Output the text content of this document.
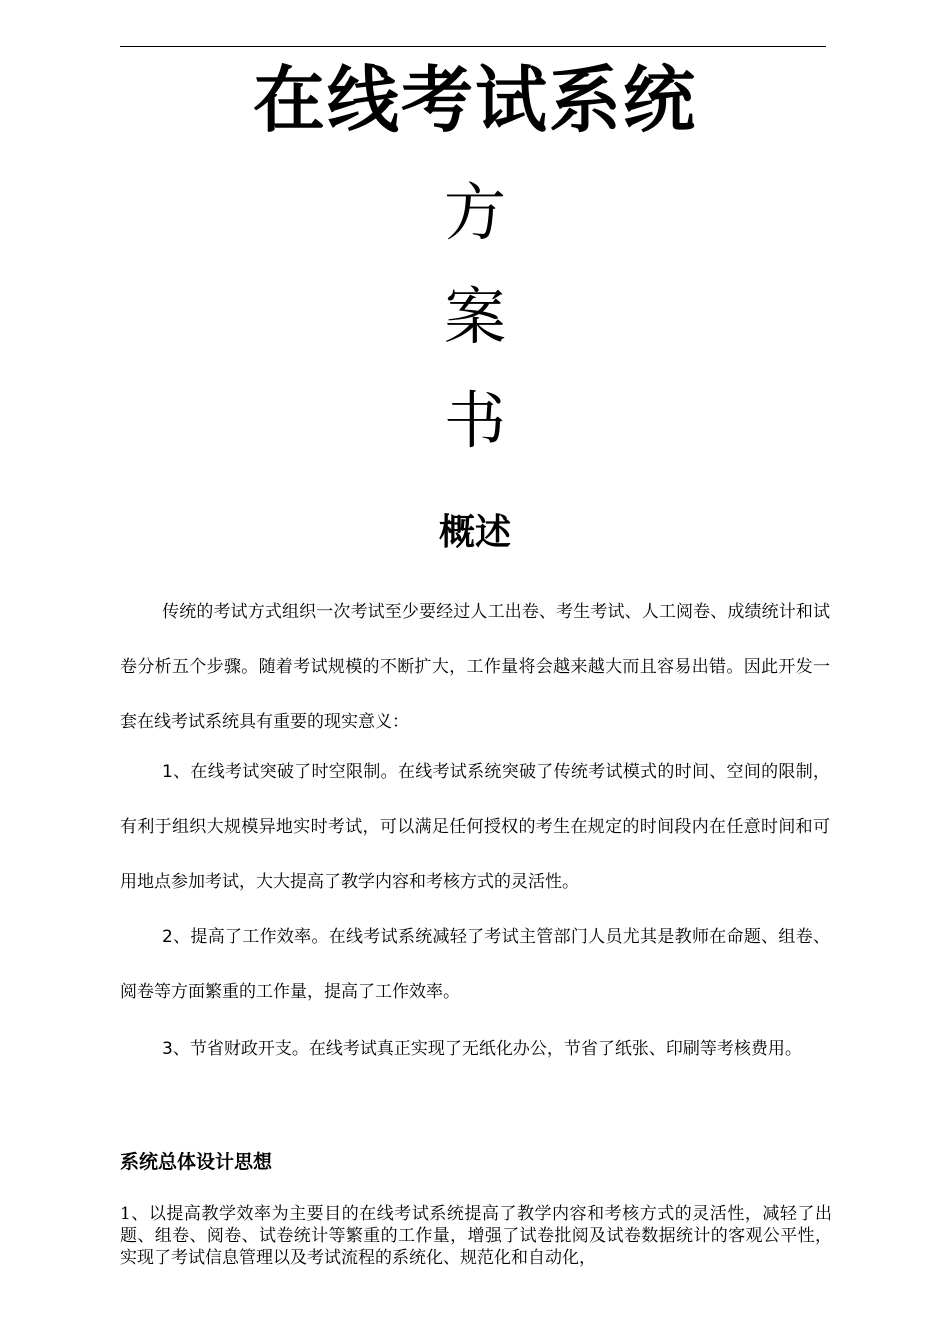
在线考试系统
方
案
书
概述

传统的考试方式组织一次考试至少要经过人工出卷、考生考试、人工阅卷、成绩统计和试卷分析五个步骤。随着考试规模的不断扩大，工作量将会越来越大而且容易出错。因此开发一套在线考试系统具有重要的现实意义：

1、在线考试突破了时空限制。在线考试系统突破了传统考试模式的时间、空间的限制，有利于组织大规模异地实时考试，可以满足任何授权的考生在规定的时间段内在任意时间和可用地点参加考试，大大提高了教学内容和考核方式的灵活性。

2、提高了工作效率。在线考试系统减轻了考试主管部门人员尤其是教师在命题、组卷、阅卷等方面繁重的工作量，提高了工作效率。

3、节省财政开支。在线考试真正实现了无纸化办公，节省了纸张、印刷等考核费用。

系统总体设计思想

1、以提高教学效率为主要目的在线考试系统提高了教学内容和考核方式的灵活性，减轻了出题、组卷、阅卷、试卷统计等繁重的工作量，增强了试卷批阅及试卷数据统计的客观公平性，实现了考试信息管理以及考试流程的系统化、规范化和自动化，
